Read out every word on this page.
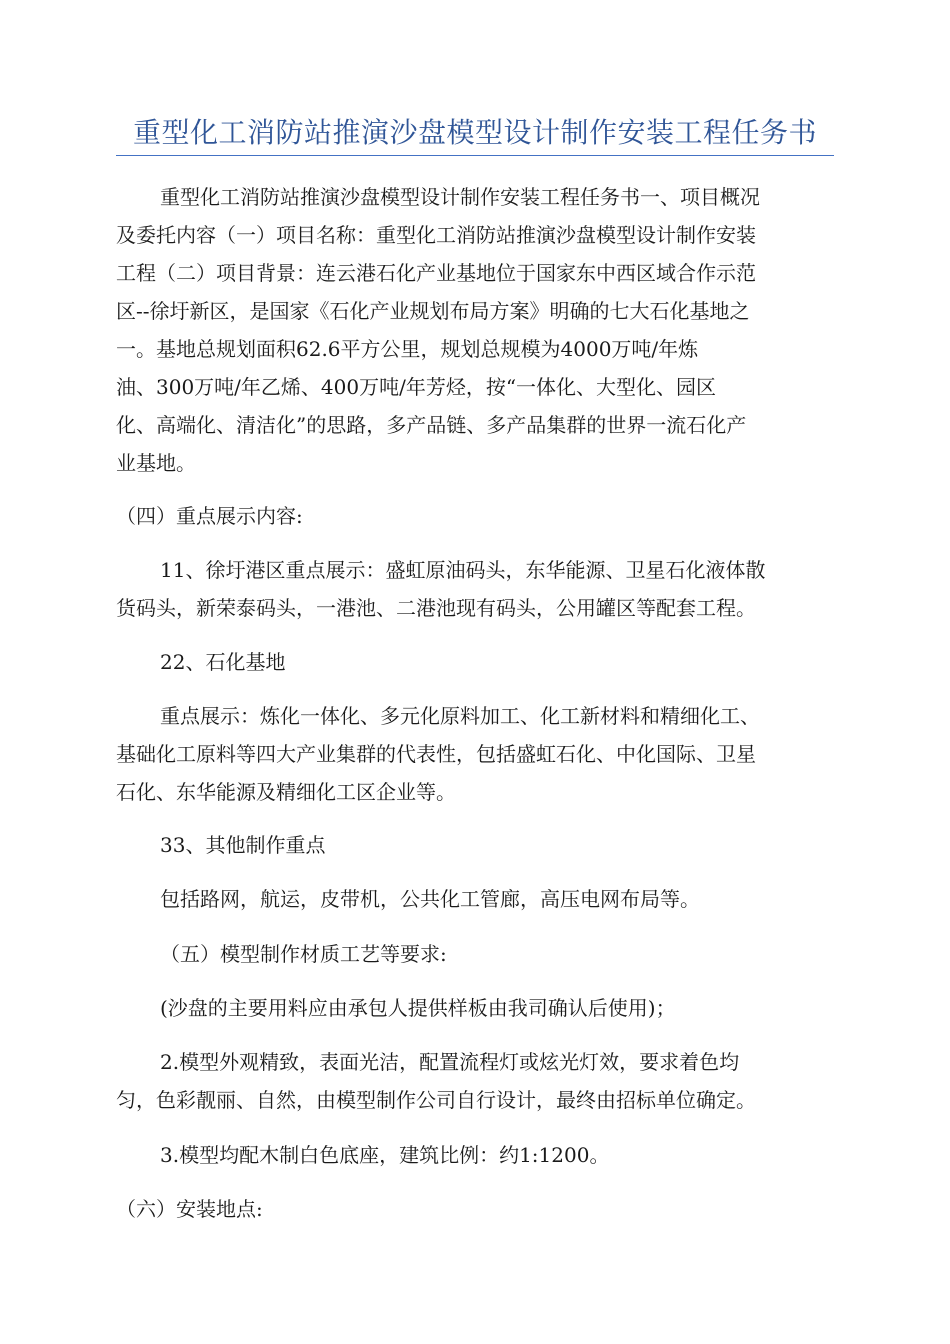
重型化工消防站推演沙盘模型设计制作安装工程任务书

重型化工消防站推演沙盘模型设计制作安装工程任务书一、项目概况
及委托内容（一）项目名称：重型化工消防站推演沙盘模型设计制作安装
工程（二）项目背景：连云港石化产业基地位于国家东中西区域合作示范
区--徐圩新区，是国家《石化产业规划布局方案》明确的七大石化基地之
一。基地总规划面积62.6平方公里，规划总规模为4000万吨/年炼
油、300万吨/年乙烯、400万吨/年芳烃，按“一体化、大型化、园区
化、高端化、清洁化”的思路，多产品链、多产品集群的世界一流石化产
业基地。

（四）重点展示内容:

11、徐圩港区重点展示：盛虹原油码头，东华能源、卫星石化液体散
货码头，新荣泰码头，一港池、二港池现有码头，公用罐区等配套工程。

22、石化基地

重点展示：炼化一体化、多元化原料加工、化工新材料和精细化工、
基础化工原料等四大产业集群的代表性，包括盛虹石化、中化国际、卫星
石化、东华能源及精细化工区企业等。

33、其他制作重点

包括路网，航运，皮带机，公共化工管廊，高压电网布局等。

（五）模型制作材质工艺等要求:

(沙盘的主要用料应由承包人提供样板由我司确认后使用)；

2.模型外观精致，表面光洁，配置流程灯或炫光灯效，要求着色均
匀，色彩靓丽、自然，由模型制作公司自行设计，最终由招标单位确定。

3.模型均配木制白色底座，建筑比例：约1:1200。

（六）安装地点:
